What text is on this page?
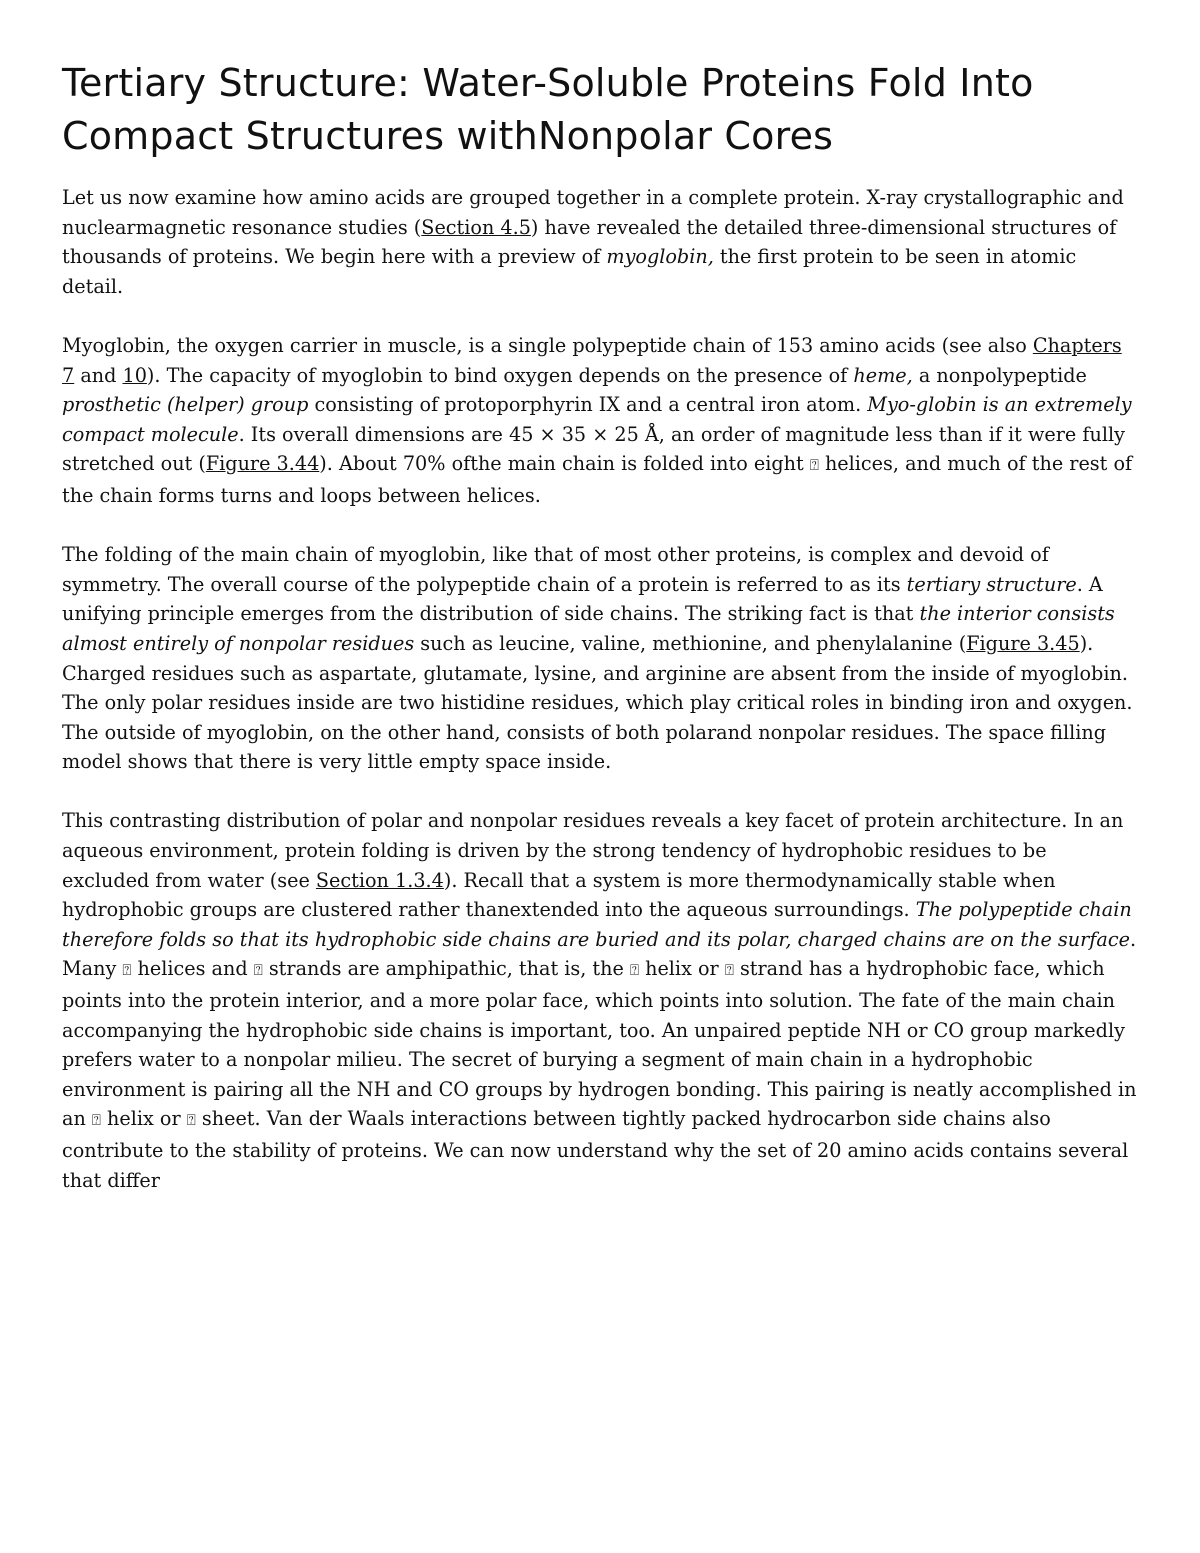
Tertiary Structure: Water-Soluble Proteins Fold Into Compact Structures withNonpolar Cores

Let us now examine how amino acids are grouped together in a complete protein. X-ray crystallographic and nuclearmagnetic resonance studies (Section 4.5) have revealed the detailed three-dimensional structures of thousands of proteins. We begin here with a preview of myoglobin, the first protein to be seen in atomic detail.

Myoglobin, the oxygen carrier in muscle, is a single polypeptide chain of 153 amino acids (see also Chapters 7 and 10). The capacity of myoglobin to bind oxygen depends on the presence of heme, a nonpolypeptide prosthetic (helper) group consisting of protoporphyrin IX and a central iron atom. Myo-globin is an extremely compact molecule. Its overall dimensions are 45 × 35 × 25 Å, an order of magnitude less than if it were fully stretched out (Figure 3.44). About 70% ofthe main chain is folded into eight ⍰ helices, and much of the rest of the chain forms turns and loops between helices.

The folding of the main chain of myoglobin, like that of most other proteins, is complex and devoid of symmetry. The overall course of the polypeptide chain of a protein is referred to as its tertiary structure. A unifying principle emerges from the distribution of side chains. The striking fact is that the interior consists almost entirely of nonpolar residues such as leucine, valine, methionine, and phenylalanine (Figure 3.45). Charged residues such as aspartate, glutamate, lysine, and arginine are absent from the inside of myoglobin. The only polar residues inside are two histidine residues, which play critical roles in binding iron and oxygen. The outside of myoglobin, on the other hand, consists of both polarand nonpolar residues. The space filling model shows that there is very little empty space inside.

This contrasting distribution of polar and nonpolar residues reveals a key facet of protein architecture. In an aqueous environment, protein folding is driven by the strong tendency of hydrophobic residues to be excluded from water (see Section 1.3.4). Recall that a system is more thermodynamically stable when hydrophobic groups are clustered rather thanextended into the aqueous surroundings. The polypeptide chain therefore folds so that its hydrophobic side chains are buried and its polar, charged chains are on the surface. Many ⍰ helices and ⍰ strands are amphipathic, that is, the ⍰ helix or ⍰ strand has a hydrophobic face, which points into the protein interior, and a more polar face, which points into solution. The fate of the main chain accompanying the hydrophobic side chains is important, too. An unpaired peptide NH or CO group markedly prefers water to a nonpolar milieu. The secret of burying a segment of main chain in a hydrophobic environment is pairing all the NH and CO groups by hydrogen bonding. This pairing is neatly accomplished in an ⍰ helix or ⍰ sheet. Van der Waals interactions between tightly packed hydrocarbon side chains also contribute to the stability of proteins. We can now understand why the set of 20 amino acids contains several that differ
